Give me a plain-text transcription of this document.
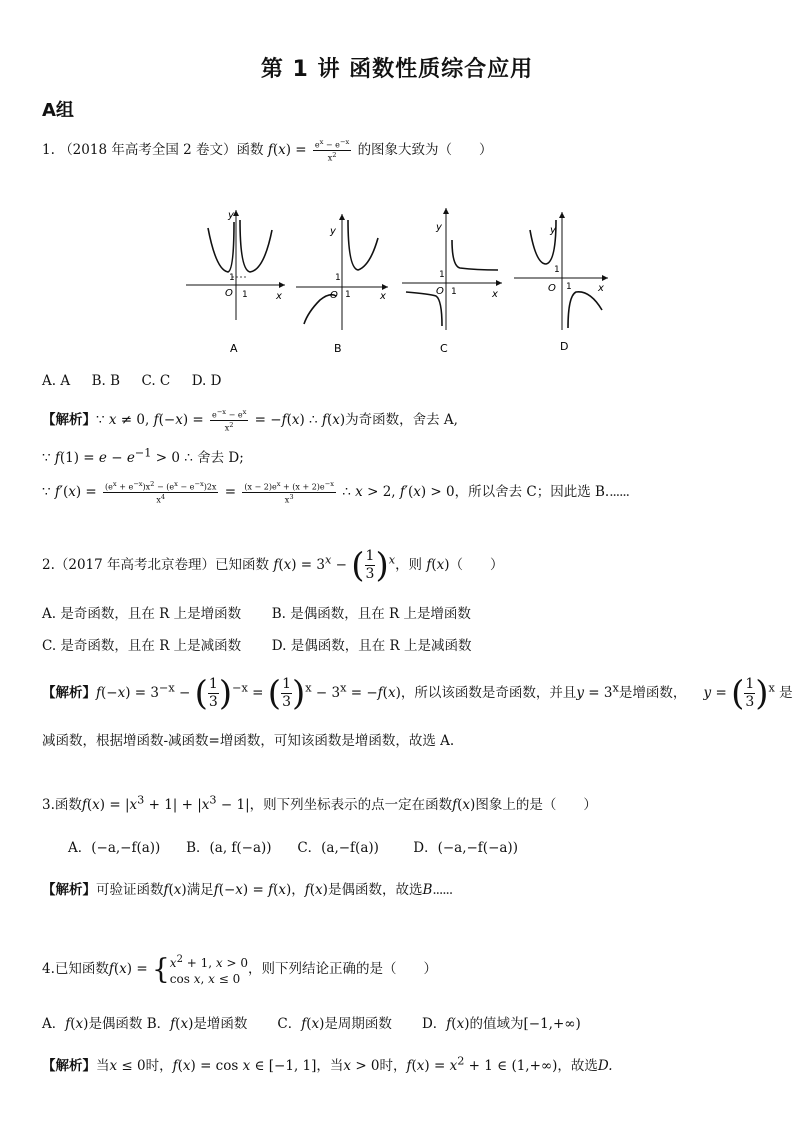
第 1 讲 函数性质综合应用
A组
1. （2018 年高考全国 2 卷文）函数 $f(x) = \frac{e^x - e^{-x}}{x^2}$ 的图象大致为（　　）
y
O
1
1	x
A
y
O
1
1	x
B
y
O
1
1	x
C
y
O
1
1	x
D
A. A B. B C. C D. D
【解析】∵ x ≠ 0, $f(-x) = \frac{e^{-x} - e^x}{x^2} = -f(x)$ ∴ f(x)为奇函数，舍去 A,
∵ $f(1) = e - e^{-1} > 0$ ∴ 舍去 D;
∵ $f'(x) = \frac{(e^x + e^{-x})x^2 - (e^x - e^{-x})2x}{x^4} = \frac{(x - 2)e^x + (x + 2)e^{-x}}{x^3}$ ∴ x > 2, f′(x) > 0，所以舍去 C；因此选 B.......
2.（2017 年高考北京卷理）已知函数 $f(x) = 3^x$ − ( $\frac{1}{3})^x$，则 f(x)（　　）
A. 是奇函数，且在 R 上是增函数 B. 是偶函数，且在 R 上是增函数
C. 是奇函数，且在 R 上是减函数 D. 是偶函数，且在 R 上是减函数
【解析】$f(-x) = 3^{-x}$ − ( $\frac{1}{3})^{-x}$ = ( $\frac{1}{3})^x - 3^x = -f(x)$，所以该函数是奇函数，并且$y = 3^x$是增函数， y = ( $\frac{1}{3})^x$ 是
减函数，根据增函数-减函数=增函数，可知该函数是增函数，故选 A.
3.函数$f(x) = |x^3 + 1| + |x^3 - 1|$，则下列坐标表示的点一定在函数f(x)图象上的是（　　）
A．(−a,−f(a)) B．(a, f(−a)) C．(a,−f(a))	D．(−a,−f(−a))
【解析】可验证函数f(x)满足f(−x) = f(x)，f(x)是偶函数，故选B......
4.已知函数f(x) = { $x^2 + 1$, x > 0
cos x, x ≤ 0
，则下列结论正确的是（　　）
A．f(x)是偶函数 B．f(x)是增函数 C．f(x)是周期函数 D．f(x)的值域为[−1,+∞)
【解析】当x ≤ 0时，f(x) = cos x ∈ [−1, 1]，当x > 0时，$f(x) = x^2 + 1$ ∈ (1,+∞)，故选D.
